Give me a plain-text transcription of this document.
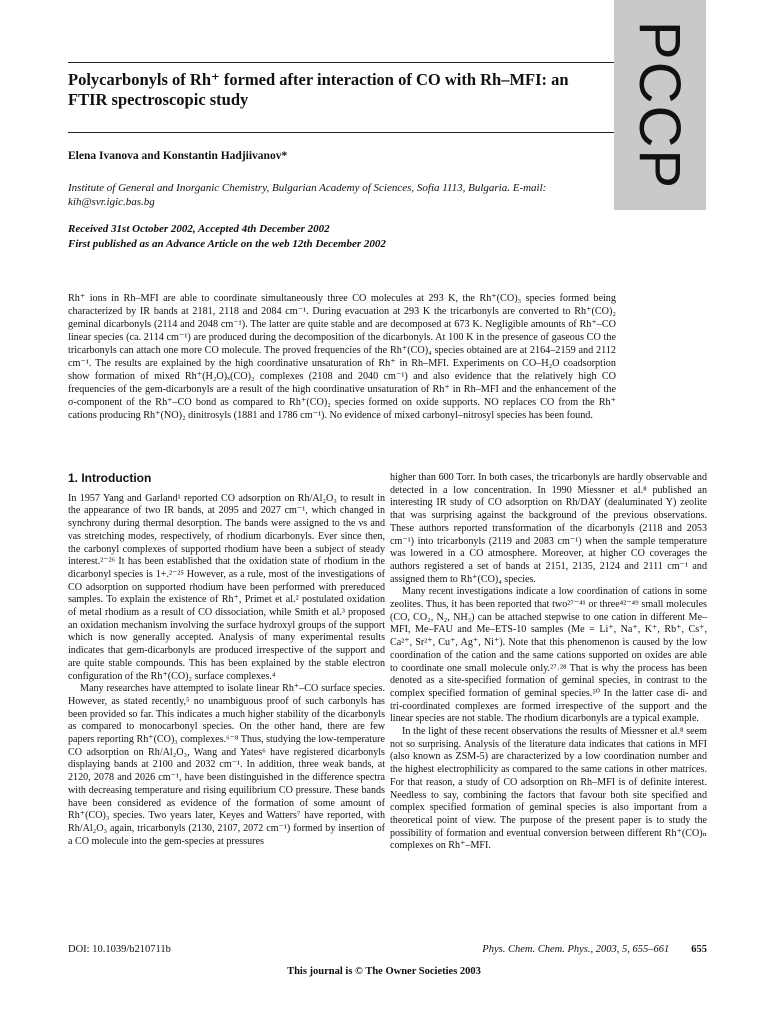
PCCP
Polycarbonyls of Rh⁺ formed after interaction of CO with Rh–MFI: an FTIR spectroscopic study
Elena Ivanova and Konstantin Hadjiivanov*
Institute of General and Inorganic Chemistry, Bulgarian Academy of Sciences, Sofia 1113, Bulgaria. E-mail: kih@svr.igic.bas.bg
Received 31st October 2002, Accepted 4th December 2002
First published as an Advance Article on the web 12th December 2002
Rh⁺ ions in Rh–MFI are able to coordinate simultaneously three CO molecules at 293 K, the Rh⁺(CO)₃ species formed being characterized by IR bands at 2181, 2118 and 2084 cm⁻¹. During evacuation at 293 K the tricarbonyls are converted to Rh⁺(CO)₂ geminal dicarbonyls (2114 and 2048 cm⁻¹). The latter are quite stable and are decomposed at 673 K. Negligible amounts of Rh⁺–CO linear species (ca. 2114 cm⁻¹) are produced during the decomposition of the dicarbonyls. At 100 K in the presence of gaseous CO the tricarbonyls can attach one more CO molecule. The proved frequencies of the Rh⁺(CO)₄ species obtained are at 2164–2159 and 2112 cm⁻¹. The results are explained by the high coordinative unsaturation of Rh⁺ in Rh–MFI. Experiments on CO–H₂O coadsorption show formation of mixed Rh⁺(H₂O)ₓ(CO)₂ complexes (2108 and 2040 cm⁻¹) and also evidence that the relatively high CO frequencies of the gem-dicarbonyls are a result of the high coordinative unsaturation of Rh⁺ in Rh–MFI and the enhancement of the σ-component of the Rh⁺–CO bond as compared to Rh⁺(CO)₂ species formed on oxide supports. NO replaces CO from the Rh⁺ cations producing Rh⁺(NO)₂ dinitrosyls (1881 and 1786 cm⁻¹). No evidence of mixed carbonyl–nitrosyl species has been found.
1. Introduction

In 1957 Yang and Garland¹ reported CO adsorption on Rh/Al₂O₃ to result in the appearance of two IR bands, at 2095 and 2027 cm⁻¹, which changed in synchrony during thermal desorption. The bands were assigned to the νs and νas stretching modes, respectively, of rhodium dicarbonyls. Ever since then, the carbonyl complexes of supported rhodium have been a subject of steady interest.²⁻²⁶ It has been established that the oxidation state of rhodium in the dicarbonyl species is 1+.²⁻²⁵ However, as a rule, most of the investigations of CO adsorption on supported rhodium have been performed with prereduced samples. To explain the existence of Rh⁺, Primet et al.² postulated oxidation of metal rhodium as a result of CO dissociation, while Smith et al.³ proposed an oxidation mechanism involving the surface hydroxyl groups of the support which is now generally accepted. Analysis of many experimental results indicates that gem-dicarbonyls are produced irrespective of the support and are quite stable compounds. This has been explained by the stable electron configuration of the Rh⁺(CO)₂ surface complexes.⁴

Many researches have attempted to isolate linear Rh⁺–CO surface species. However, as stated recently,⁵ no unambiguous proof of such carbonyls has been provided so far. This indicates a much higher stability of the dicarbonyls as compared to monocarbonyl species. On the other hand, there are few papers reporting Rh⁺(CO)₃ complexes.⁶⁻⁸ Thus, studying the low-temperature CO adsorption on Rh/Al₂O₃, Wang and Yates⁶ have registered dicarbonyls displaying bands at 2100 and 2032 cm⁻¹. In addition, three weak bands, at 2120, 2078 and 2026 cm⁻¹, have been distinguished in the difference spectra with decreasing temperature and rising equilibrium CO pressure. These bands have been considered as evidence of the formation of some amount of Rh⁺(CO)₃ species. Two years later, Keyes and Watters⁷ have reported, with Rh/Al₂O₃ again, tricarbonyls (2130, 2107, 2072 cm⁻¹) formed by insertion of a CO molecule into the gem-species at pressures

higher than 600 Torr. In both cases, the tricarbonyls are hardly observable and detected in a low concentration. In 1990 Miessner et al.⁸ published an interesting IR study of CO adsorption on Rh/DAY (dealuminated Y) zeolite that was surprising against the background of the previous observations. These authors reported transformation of the dicarbonyls (2118 and 2053 cm⁻¹) into tricarbonyls (2119 and 2083 cm⁻¹) when the sample temperature was lowered in a CO atmosphere. Moreover, at higher CO coverages the authors registered a set of bands at 2151, 2135, 2124 and 2111 cm⁻¹ and assigned them to Rh⁺(CO)₄ species.

Many recent investigations indicate a low coordination of cations in some zeolites. Thus, it has been reported that two²⁷⁻⁴¹ or three⁴²⁻⁴⁹ small molecules (CO, CO₂, N₂, NH₃) can be attached stepwise to one cation in different Me–MFI, Me–FAU and Me–ETS-10 samples (Me = Li⁺, Na⁺, K⁺, Rb⁺, Cs⁺, Ca²⁺, Sr²⁺, Cu⁺, Ag⁺, Ni⁺). Note that this phenomenon is caused by the low coordination of the cation and the same cations supported on oxides are able to coordinate one small molecule only.²⁷˒²⁸ That is why the process has been denoted as a site-specified formation of geminal species, in contrast to the complex specified formation of geminal species.⁵⁰ In the latter case di- and tri-coordinated complexes are formed irrespective of the support and the linear species are not stable. The rhodium dicarbonyls are a typical example.

In the light of these recent observations the results of Miessner et al.⁸ seem not so surprising. Analysis of the literature data indicates that cations in MFI (also known as ZSM-5) are characterized by a low coordination number and the highest electrophilicity as compared to the same cations in other matrices. For that reason, a study of CO adsorption on Rh–MFI is of definite interest. Needless to say, combining the factors that favour both site specified and complex specified formation of geminal species is also important from a theoretical point of view. The purpose of the present paper is to study the possibility of formation and eventual conversion between different Rh⁺(CO)ₙ complexes on Rh⁺–MFI.

DOI: 10.1039/b210711b	Phys. Chem. Chem. Phys., 2003, 5, 655–661 655
This journal is © The Owner Societies 2003
